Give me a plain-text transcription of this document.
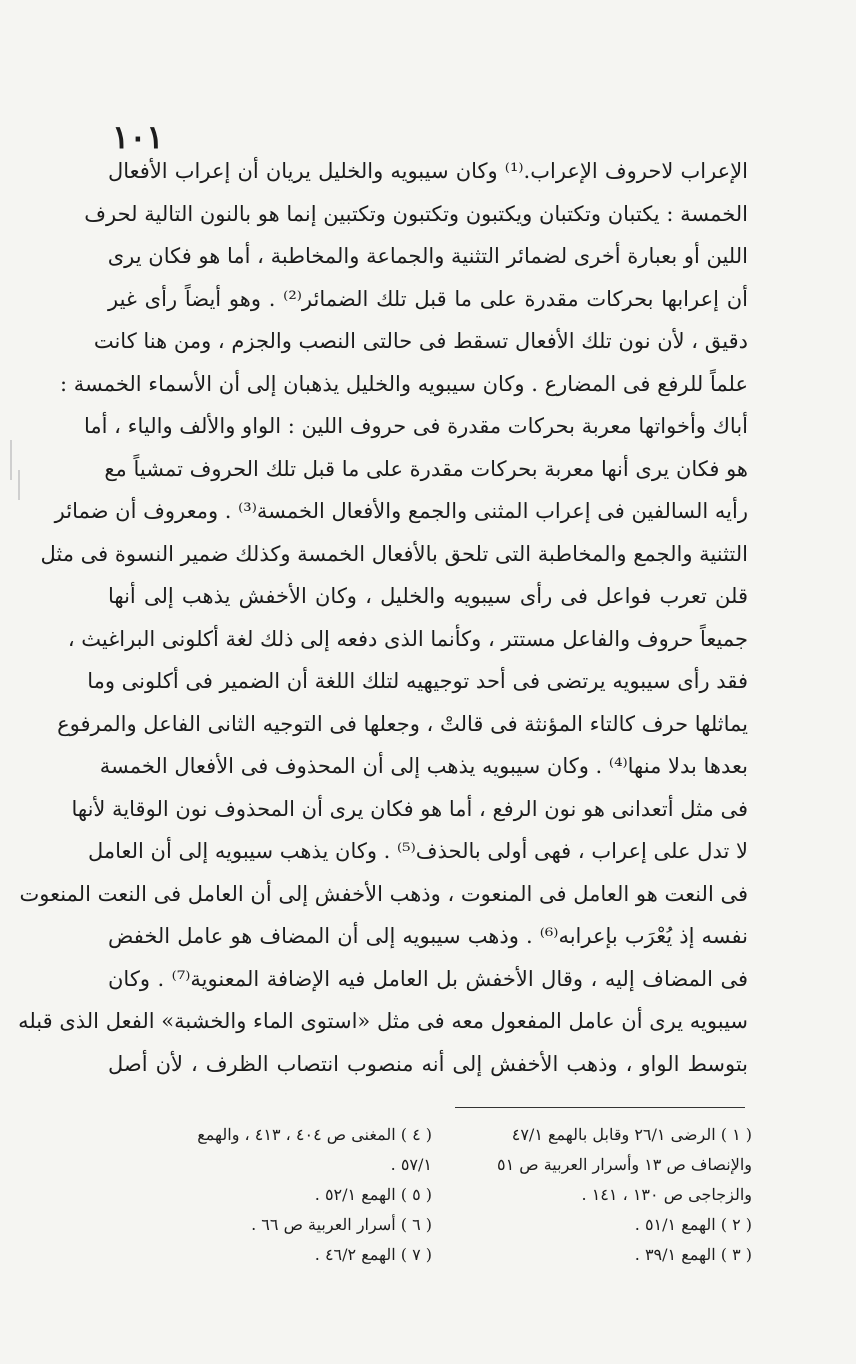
١٠١
الإعراب لاحروف الإعراب.⁽¹⁾ وكان سيبويه والخليل يريان أن إعراب الأفعال
الخمسة : يكتبان وتكتبان ويكتبون وتكتبون وتكتبين إنما هو بالنون التالية لحرف
اللين أو بعبارة أخرى لضمائر التثنية والجماعة والمخاطبة ، أما هو فكان يرى
أن إعرابها بحركات مقدرة على ما قبل تلك الضمائر⁽²⁾ . وهو أيضاً رأى غير
دقيق ، لأن نون تلك الأفعال تسقط فى حالتى النصب والجزم ، ومن هنا كانت
علماً للرفع فى المضارع . وكان سيبويه والخليل يذهبان إلى أن الأسماء الخمسة :
أباك وأخواتها معربة بحركات مقدرة فى حروف اللين : الواو والألف والياء ، أما
هو فكان يرى أنها معربة بحركات مقدرة على ما قبل تلك الحروف تمشياً مع
رأيه السالفين فى إعراب المثنى والجمع والأفعال الخمسة⁽³⁾ . ومعروف أن ضمائر
التثنية والجمع والمخاطبة التى تلحق بالأفعال الخمسة وكذلك ضمير النسوة فى مثل
قلن تعرب فواعل فى رأى سيبويه والخليل ، وكان الأخفش يذهب إلى أنها
جميعاً حروف والفاعل مستتر ، وكأنما الذى دفعه إلى ذلك لغة أكلونى البراغيث ،
فقد رأى سيبويه يرتضى فى أحد توجيهيه لتلك اللغة أن الضمير فى أكلونى وما
يماثلها حرف كالتاء المؤنثة فى قالتْ ، وجعلها فى التوجيه الثانى الفاعل والمرفوع
بعدها بدلا منها⁽⁴⁾ . وكان سيبويه يذهب إلى أن المحذوف فى الأفعال الخمسة
فى مثل أتعدانى هو نون الرفع ، أما هو فكان يرى أن المحذوف نون الوقاية لأنها
لا تدل على إعراب ، فهى أولى بالحذف⁽⁵⁾ . وكان يذهب سيبويه إلى أن العامل
فى النعت هو العامل فى المنعوت ، وذهب الأخفش إلى أن العامل فى النعت المنعوت
نفسه إذ يُعْرَب بإعرابه⁽⁶⁾ . وذهب سيبويه إلى أن المضاف هو عامل الخفض
فى المضاف إليه ، وقال الأخفش بل العامل فيه الإضافة المعنوية⁽⁷⁾ . وكان
سيبويه يرى أن عامل المفعول معه فى مثل «استوى الماء والخشبة» الفعل الذى قبله
بتوسط الواو ، وذهب الأخفش إلى أنه منصوب انتصاب الظرف ، لأن أصل
( ١ ) الرضى ٢٦/١ وقابل بالهمع ٤٧/١
والإنصاف ص ١٣ وأسرار العربية ص ٥١
والزجاجى ص ١٣٠ ، ١٤١ .
( ٢ ) الهمع ٥١/١ .
( ٣ ) الهمع ٣٩/١ .
( ٤ ) المغنى ص ٤٠٤ ، ٤١٣ ، والهمع
٥٧/١ .
( ٥ ) الهمع ٥٢/١ .
( ٦ ) أسرار العربية ص ٦٦ .
( ٧ ) الهمع ٤٦/٢ .
